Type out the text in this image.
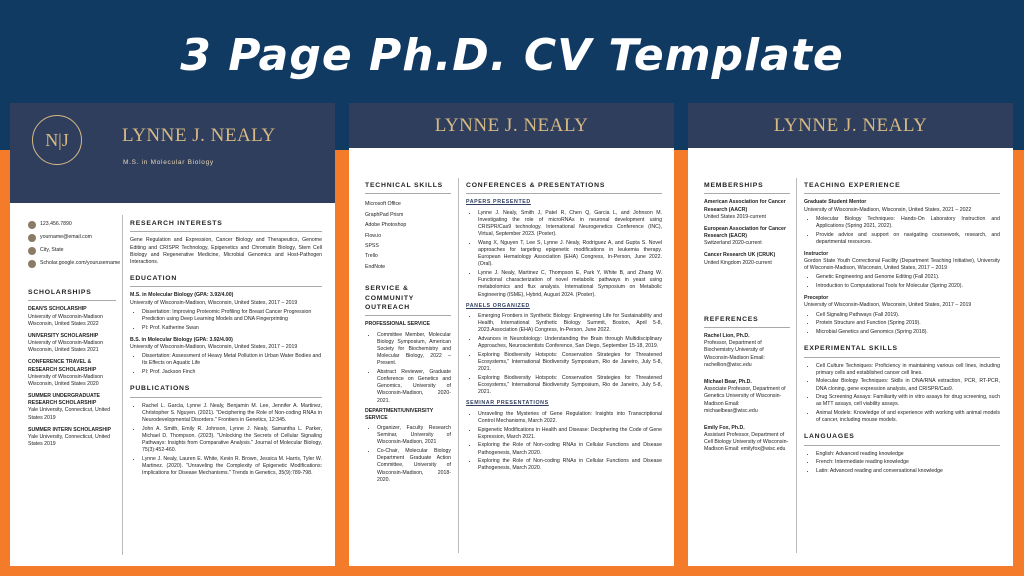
3 Page Ph.D. CV Template
N|J	LYNNE J. NEALY
M.S. in Molecular Biology
123.456.7890
yourname@email.com
City, State
Scholar.google.com/yourusername
SCHOLARSHIPS
DEAN'S SCHOLARSHIP
University of Wisconsin-Madison Wisconsin, United States 2022
UNIVERSITY SCHOLARSHIP
University of Wisconsin-Madison Wisconsin, United States 2021
CONFERENCE TRAVEL & RESEARCH SCHOLARSHIP
University of Wisconsin-Madison Wisconsin, United States 2020
SUMMER UNDERGRADUATE RESEARCH SCHOLARSHIP
Yale University, Connecticut, United States 2019
SUMMER INTERN SCHOLARSHIP
Yale University, Connecticut, United States 2019
RESEARCH INTERESTS
Gene Regulation and Expression, Cancer Biology and Therapeutics, Genome Editing and CRISPR Technology, Epigenetics and Chromatin Biology, Stem Cell Biology and Regenerative Medicine, Microbial Genomics and Host-Pathogen Interactions.
EDUCATION
M.S. in Molecular Biology (GPA: 3.92/4.00)
University of Wisconsin-Madison, Wisconsin, United States, 2017 – 2019
• Dissertation: Improving Proteomic Profiling for Breast Cancer Progression Prediction using Deep Learning Models and DNA Fingerprinting
• PI: Prof. Katherine Swan
B.S. in Molecular Biology (GPA: 3.92/4.00)
University of Wisconsin-Madison, Wisconsin, United States, 2017 – 2019
• Dissertation: Assessment of Heavy Metal Pollution in Urban Water Bodies and Its Effects on Aquatic Life
• PI: Prof. Jackson Finch
PUBLICATIONS
• Rachel L. Garcia, Lynne J. Nealy, Benjamin M. Lee, Jennifer A. Martinez, Christopher S. Nguyen. (2021). "Deciphering the Role of Non-coding RNAs in Neurodevelopmental Disorders." Frontiers in Genetics, 12:345.
• John A. Smith, Emily R. Johnson, Lynne J. Nealy, Samantha L. Parker, Michael D. Thompson. (2023). "Unlocking the Secrets of Cellular Signaling Pathways: Insights from Comparative Analysis." Journal of Molecular Biology, 75(3):452-460.
• Lynne J. Nealy, Lauren E. White, Kevin R. Brown, Jessica M. Harris, Tyler W. Martinez. (2020). "Unraveling the Complexity of Epigenetic Modifications: Implications for Disease Mechanisms." Trends in Genetics, 35(9):789-798.
LYNNE J. NEALY
TECHNICAL SKILLS
Microsoft Office
GraphPad Prism
Adobe Photoshop
Flow.io
SPSS
Trello
EndNote
SERVICE & COMMUNITY OUTREACH
PROFESSIONAL SERVICE
• Committee Member, Molecular Biology Symposium, American Society for Biochemistry and Molecular Biology, 2022 – Present.
• Abstract Reviewer, Graduate Conference on Genetics and Genomics, University of Wisconsin-Madison, 2020-2021.
DEPARTMENT/UNIVERSITY SERVICE
• Organizer, Faculty Research Seminar, University of Wisconsin-Madison, 2021
• Co-Chair, Molecular Biology Department Graduate Action Committee, University of Wisconsin-Madison, 2018-2020.
CONFERENCES & PRESENTATIONS
PAPERS PRESENTED
• Lynne J. Nealy, Smith J, Patel R, Chen Q, Garcia L, and Johnson M. Investigating the role of microRNAs in neuronal development using CRISPR/Cas9 technology. International Neurogenetics Conference (INC), Virtual, September 2023. (Poster).
• Wang X, Nguyen T, Lee S, Lynne J. Nealy, Rodriguez A, and Gupta S. Novel approaches for targeting epigenetic modifications in leukemia therapy. European Hematology Association (EHA) Congress, In-Person, June 2022. (Oral).
• Lynne J. Nealy, Martinez C, Thompson E, Park Y, White B, and Zhang W. Functional characterization of novel metabolic pathways in yeast using metabolomics and flux analysis. International Symposium on Metabolic Engineering (ISME), Hybrid, August 2024. (Poster).
PANELS ORGANIZED
• Emerging Frontiers in Synthetic Biology: Engineering Life for Sustainability and Health, International Synthetic Biology Summit, Boston, April 5-8, 2023.Association (EHA) Congress, In-Person, June 2022.
• Advances in Neurobiology: Understanding the Brain through Multidisciplinary Approaches, Neuroscientists Conference, San Diego, September 15-18, 2019.
• Exploring Biodiversity Hotspots: Conservation Strategies for Threatened Ecosystems," International Biodiversity Symposium, Rio de Janeiro, July 5-8, 2021.
• Exploring Biodiversity Hotspots: Conservation Strategies for Threatened Ecosystems," International Biodiversity Symposium, Rio de Janeiro, July 5-8, 2021.
SEMINAR PRESENTATIONS
• Unraveling the Mysteries of Gene Regulation: Insights into Transcriptional Control Mechanisms, March 2022.
• Epigenetic Modifications in Health and Disease: Deciphering the Code of Gene Expression, March 2021.
• Exploring the Role of Non-coding RNAs in Cellular Functions and Disease Pathogenesis, March 2020.
• Exploring the Role of Non-coding RNAs in Cellular Functions and Disease Pathogenesis, March 2020.
LYNNE J. NEALY
MEMBERSHIPS
American Association for Cancer Research (AACR)
United States 2019-current
European Association for Cancer Research (EACR)
Switzerland 2020-current
Cancer Research UK (CRUK)
United Kingdom 2020-current
REFERENCES
Rachel Lion, Ph.D.
Professor, Department of Biochemistry University of Wisconsin-Madison Email: rachellion@wisc.edu
Michael Bear, Ph.D.
Associate Professor, Department of Genetics University of Wisconsin-Madison Email: michaelbear@wisc.edu
Emily Fox, Ph.D.
Assistant Professor, Department of Cell Biology University of Wisconsin-Madison Email: emilyfox@wisc.edu
TEACHING EXPERIENCE
Graduate Student Mentor
University of Wisconsin-Madison, Wisconsin, United States, 2021 – 2022
• Molecular Biology Techniques: Hands-On Laboratory Instruction and Applications (Spring 2021, 2022).
• Provide advice and support on navigating coursework, research, and departmental resources.
Instructor
Gordon State Youth Correctional Facility (Department Teaching Initiative), University of Wisconsin-Madison, Wisconsin, United States, 2017 – 2019
• Genetic Engineering and Genome Editing (Fall 2021).
• Introduction to Computational Tools for Molecular (Spring 2020).
Preceptor
University of Wisconsin-Madison, Wisconsin, United States, 2017 – 2019
• Cell Signaling Pathways (Fall 2019).
• Protein Structure and Function (Spring 2019).
• Microbial Genetics and Genomics (Spring 2018).
EXPERIMENTAL SKILLS
• Cell Culture Techniques: Proficiency in maintaining various cell lines, including primary cells and established cancer cell lines.
• Molecular Biology Techniques: Skills in DNA/RNA extraction, PCR, RT-PCR, DNA cloning, gene expression analysis, and CRISPR/Cas9.
• Drug Screening Assays: Familiarity with in vitro assays for drug screening, such as MTT assays, cell viability assays.
• Animal Models: Knowledge of and experience with working with animal models of cancer, including mouse models.
LANGUAGES
• English: Advanced reading knowledge
• French: Intermediate reading knowledge
• Latin: Advanced reading and conversational knowledge
